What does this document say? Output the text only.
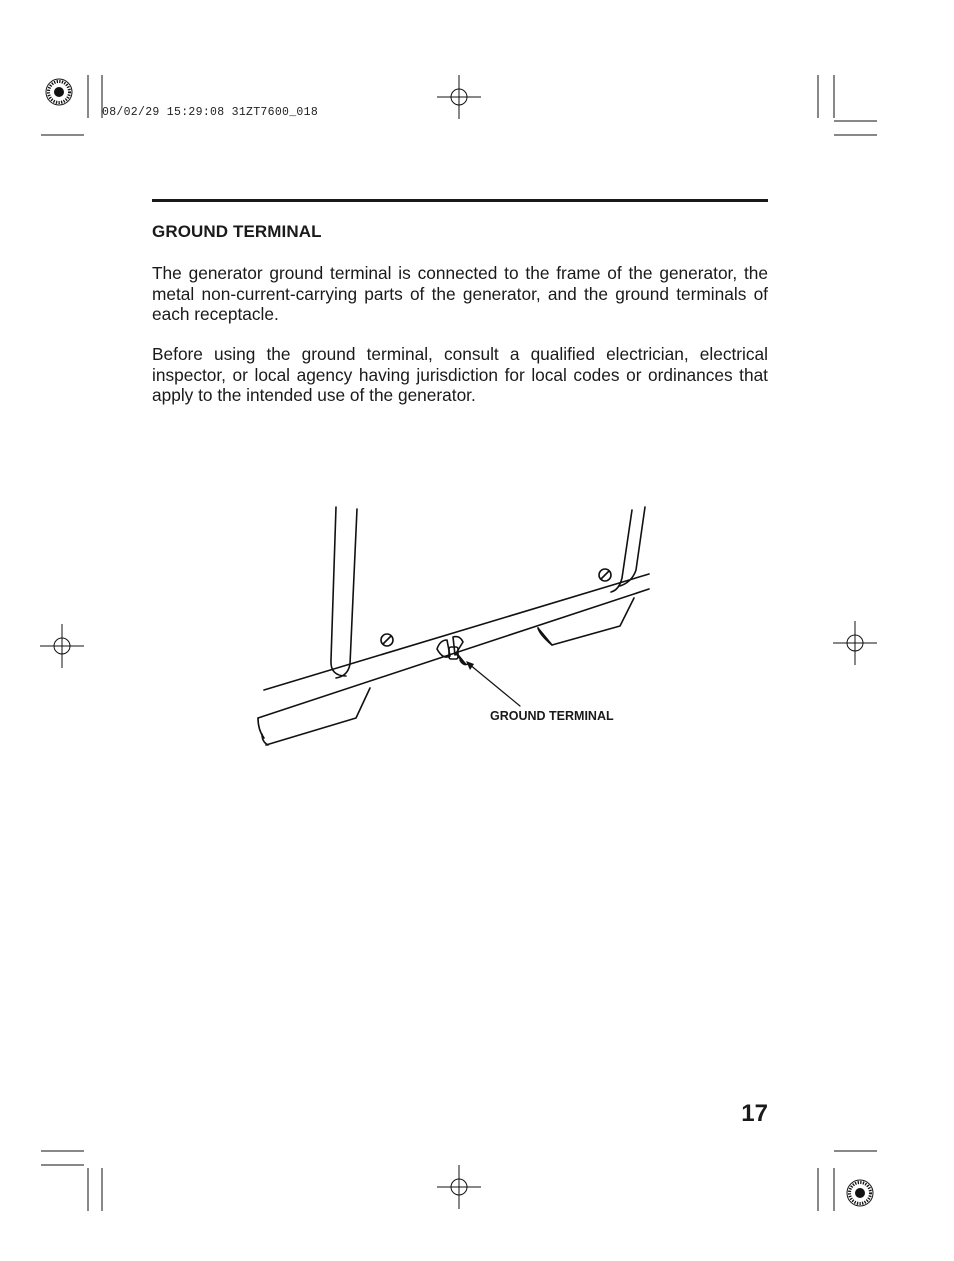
08/02/29 15:29:08 31ZT7600_018
GROUND TERMINAL

The generator ground terminal is connected to the frame of the generator, the metal non-current-carrying parts of the generator, and the ground terminals of each receptacle.

Before using the ground terminal, consult a qualified electrician, electrical inspector, or local agency having jurisdiction for local codes or ordinances that apply to the intended use of the generator.

GROUND TERMINAL

17
